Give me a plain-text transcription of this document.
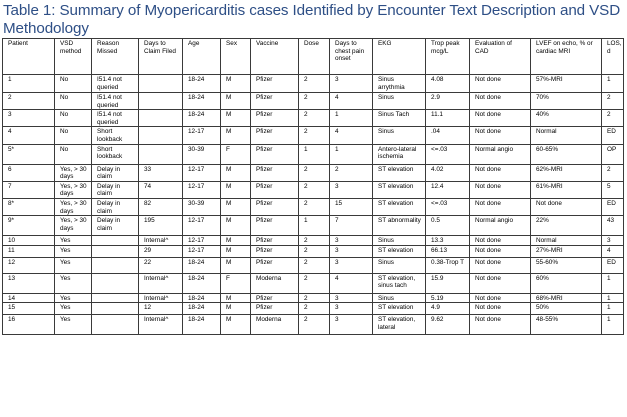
Table 1: Summary of Myopericarditis cases Identified by Encounter Text Description and VSD Methodology
Patient	VSD method	Reason Missed	Days to Claim Filed	Age	Sex	Vaccine	Dose	Days to chest pain onset	EKG	Trop peak mcg/L	Evaluation of CAD	LVEF on echo, % or cardiac MRI	LOS, d
1	No	I51.4 not queried		18-24	M	Pfizer	2	3	Sinus arrythmia	4.08	Not done	57%-MRI	1
2	No	I51.4 not queried		18-24	M	Pfizer	2	4	Sinus	2.9	Not done	70%	2
3	No	I51.4 not queried		18-24	M	Pfizer	2	1	Sinus Tach	11.1	Not done	40%	2
4	No	Short lookback		12-17	M	Pfizer	2	4	Sinus	.04	Not done	Normal	ED
5*	No	Short lookback		30-39	F	Pfizer	1	1	Antero-lateral ischemia	<=.03	Normal angio	60-65%	OP
6	Yes, > 30 days	Delay in claim	33	12-17	M	Pfizer	2	2	ST elevation	4.02	Not done	62%-MRI	2
7	Yes, > 30 days	Delay in claim	74	12-17	M	Pfizer	2	3	ST elevation	12.4	Not done	61%-MRI	5
8*	Yes, > 30 days	Delay in claim	82	30-39	M	Pfizer	2	15	ST elevation	<=.03	Not done	Not done	ED
9*	Yes, > 30 days	Delay in claim	195	12-17	M	Pfizer	1	7	ST abnormality	0.5	Normal angio	22%	43
10	Yes		Internal^	12-17	M	Pfizer	2	3	Sinus	13.3	Not done	Normal	3
11	Yes		29	12-17	M	Pfizer	2	3	ST elevation	66.13	Not done	27%-MRI	4
12	Yes		22	18-24	M	Pfizer	2	3	Sinus	0.38-Trop T	Not done	55-60%	ED
13	Yes		Internal^	18-24	F	Moderna	2	4	ST elevation, sinus tach	15.9	Not done	60%	1
14	Yes		Internal^	18-24	M	Pfizer	2	3	Sinus	5.19	Not done	68%-MRI	1
15	Yes		12	18-24	M	Pfizer	2	3	ST elevation	4.9	Not done	50%	1
16	Yes		Internal^	18-24	M	Moderna	2	3	ST elevation, lateral	9.62	Not done	48-55%	1
